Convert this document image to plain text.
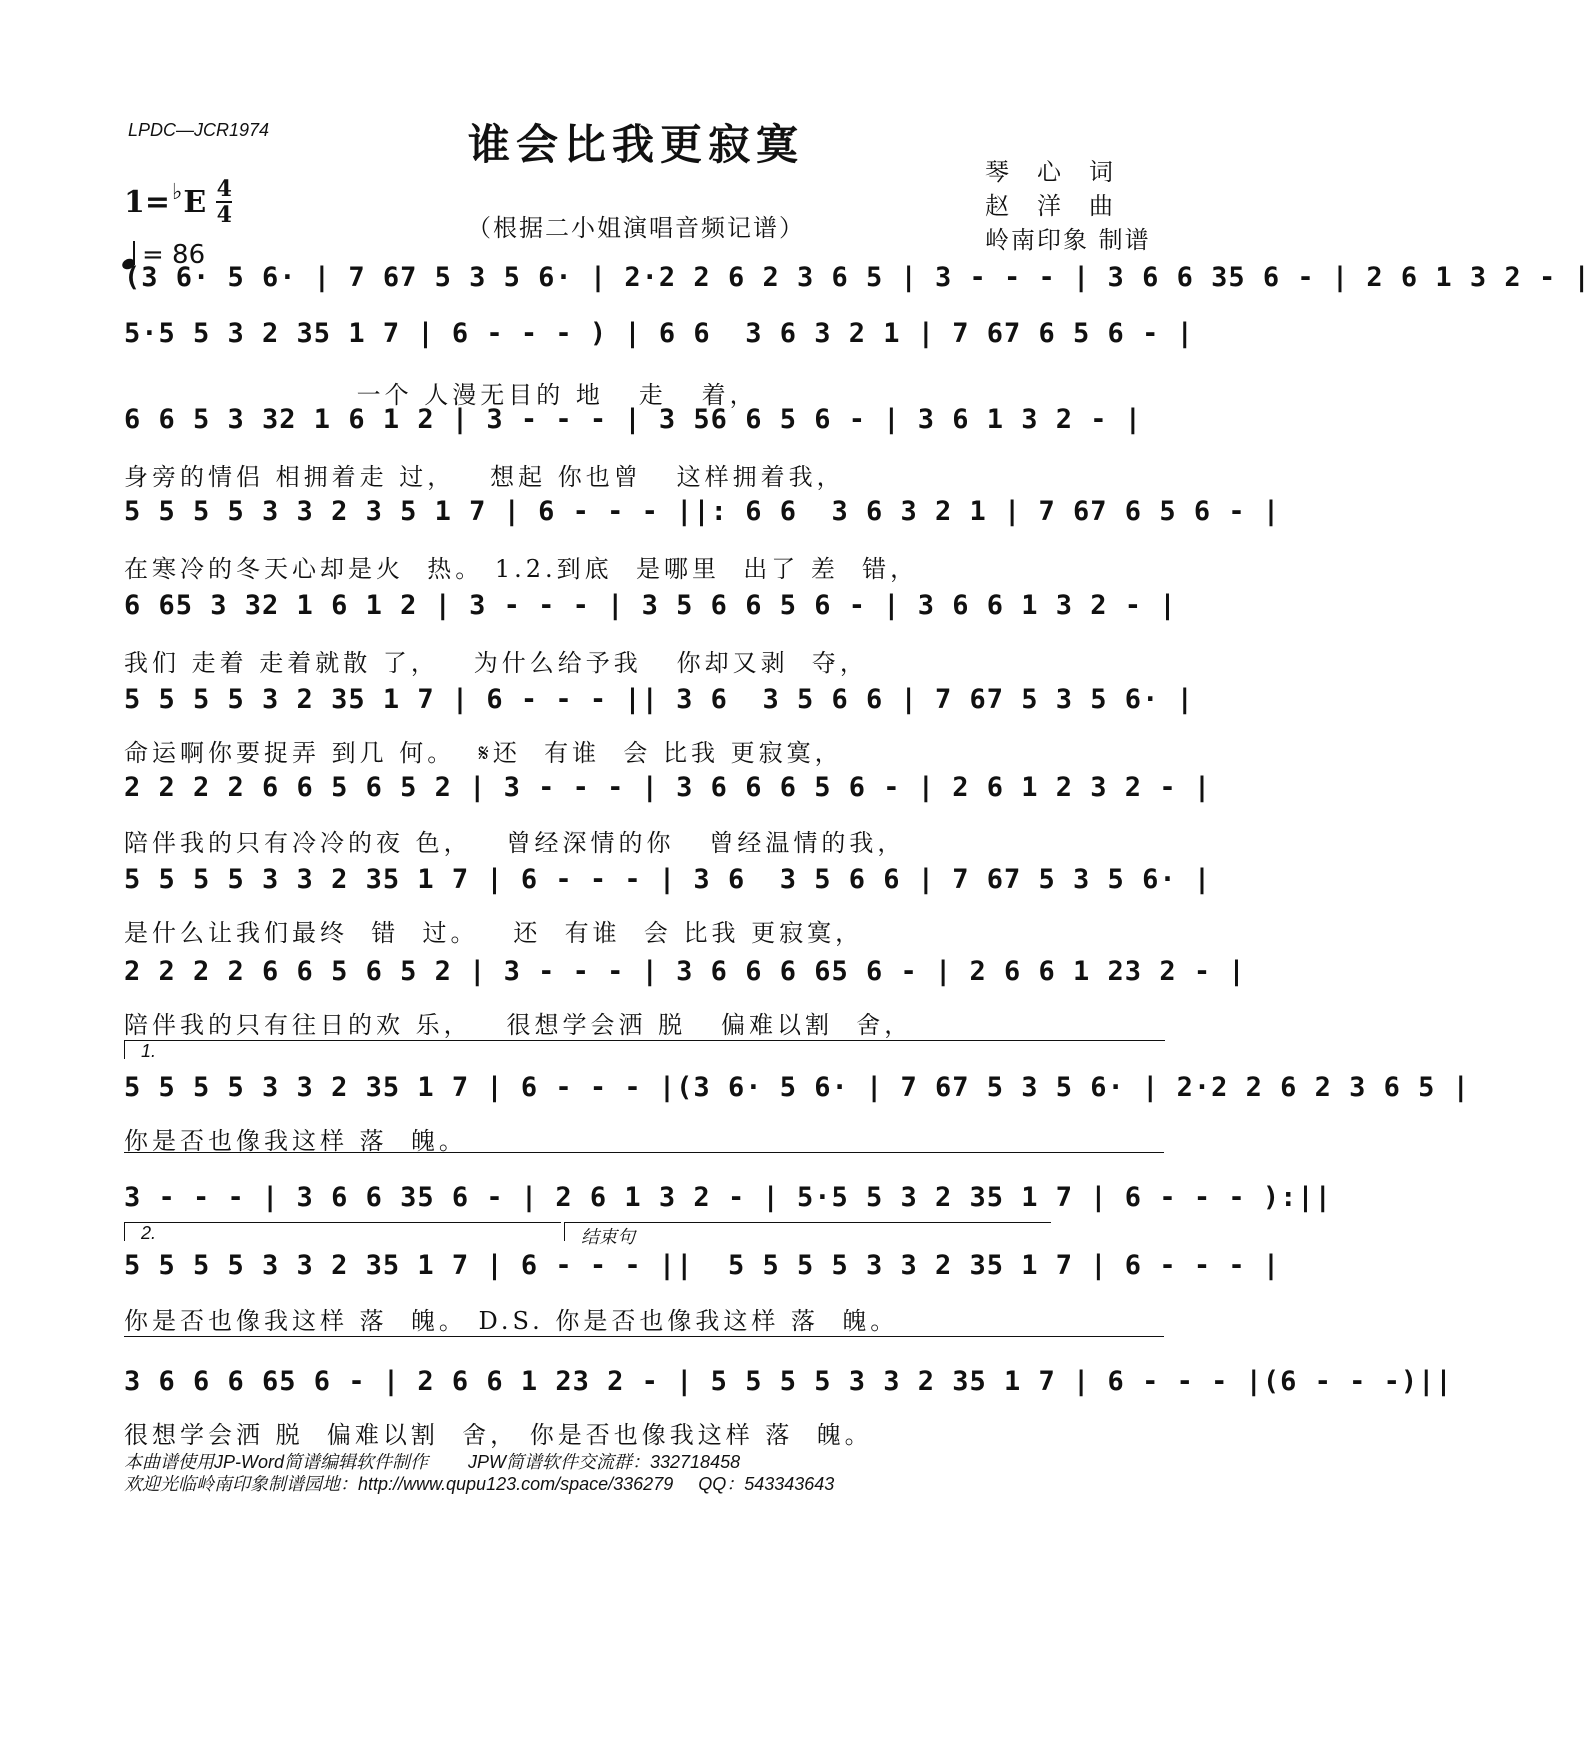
LPDC—JCR1974	谁会比我更寂寞
（根据二小姐演唱音频记谱）
1= ♭ E 4
4
= 86
琴　心　词
赵　洋　曲
岭南印象 制谱
(3 6· 5 6· | 7 67 5 3 5 6· | 2·2 2 6 2 3 6 5 | 3 - - - | 3 6 6 35 6 - | 2 6 1 3 2 - |
5·5 5 3 2 35 1 7 | 6 - - - ) | 6 6  3 6 3 2 1 | 7 67 6 5 6 - |
一个 人漫无目的 地   走   着，
6 6 5 3 32 1 6 1 2 | 3 - - - | 3 56 6 5 6 - | 3 6 1 3 2 - |
身旁的情侣 相拥着走 过，   想起 你也曾   这样拥着我，
5 5 5 5 3 3 2 3 5 1 7 | 6 - - - ||: 6 6  3 6 3 2 1 | 7 67 6 5 6 - |
在寒冷的冬天心却是火  热。 1.2.到底  是哪里  出了 差  错，
6 65 3 32 1 6 1 2 | 3 - - - | 3 5 6 6 5 6 - | 3 6 6 1 3 2 - |
我们 走着 走着就散 了，   为什么给予我   你却又剥  夺，
5 5 5 5 3 2 35 1 7 | 6 - - - || 3 6  3 5 6 6 | 7 67 5 3 5 6· |
命运啊你要捉弄 到几 何。  𝄋还  有谁  会 比我 更寂寞，
2 2 2 2 6 6 5 6 5 2 | 3 - - - | 3 6 6 6 5 6 - | 2 6 1 2 3 2 - |
陪伴我的只有冷冷的夜 色，   曾经深情的你   曾经温情的我，
5 5 5 5 3 3 2 35 1 7 | 6 - - - | 3 6  3 5 6 6 | 7 67 5 3 5 6· |
是什么让我们最终  错  过。   还  有谁  会 比我 更寂寞，
2 2 2 2 6 6 5 6 5 2 | 3 - - - | 3 6 6 6 65 6 - | 2 6 6 1 23 2 - |
陪伴我的只有往日的欢 乐，   很想学会洒 脱   偏难以割  舍，
1.
5 5 5 5 3 3 2 35 1 7 | 6 - - - |(3 6· 5 6· | 7 67 5 3 5 6· | 2·2 2 6 2 3 6 5 |
你是否也像我这样 落  魄。
3 - - - | 3 6 6 35 6 - | 2 6 1 3 2 - | 5·5 5 3 2 35 1 7 | 6 - - - ):||
2.	结束句
5 5 5 5 3 3 2 35 1 7 | 6 - - - ||  5 5 5 5 3 3 2 35 1 7 | 6 - - - |
你是否也像我这样 落  魄。 D.S. 你是否也像我这样 落  魄。
3 6 6 6 65 6 - | 2 6 6 1 23 2 - | 5 5 5 5 3 3 2 35 1 7 | 6 - - - |(6 - - -)||
很想学会洒 脱  偏难以割  舍， 你是否也像我这样 落  魄。
本曲谱使用JP-Word简谱编辑软件制作        JPW简谱软件交流群：332718458
欢迎光临岭南印象制谱园地：http://www.qupu123.com/space/336279     QQ：543343643
